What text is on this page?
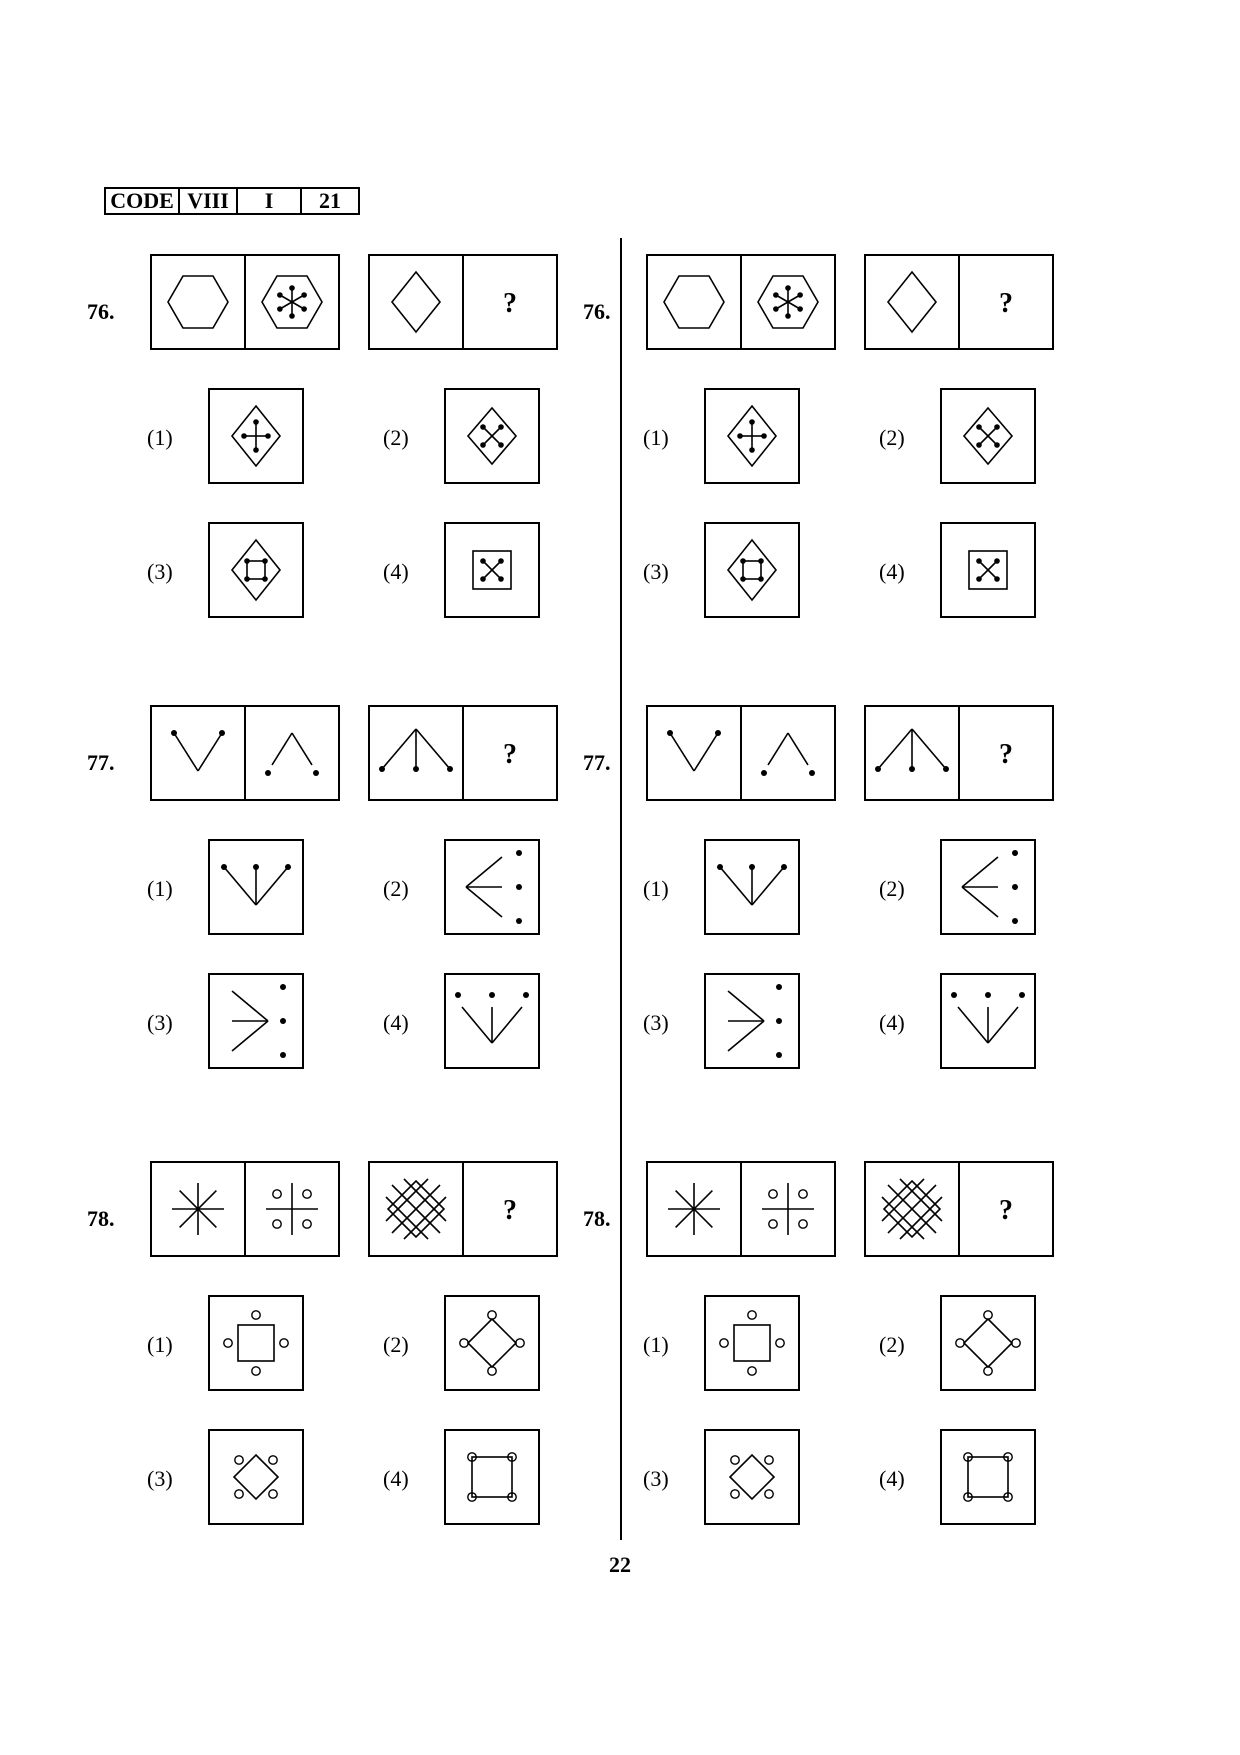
CODE VIII	I	21
76.	?
(1)	(2)
(3)	(4)
76.	?
(1)	(2)
(3)	(4)
77.	?
(1)	(2)
(3)	(4)
77.	?
(1)	(2)
(3)	(4)
78.	?
(1)	(2)
(3)	(4)
78.	?
(1)	(2)
(3)	(4)
22
